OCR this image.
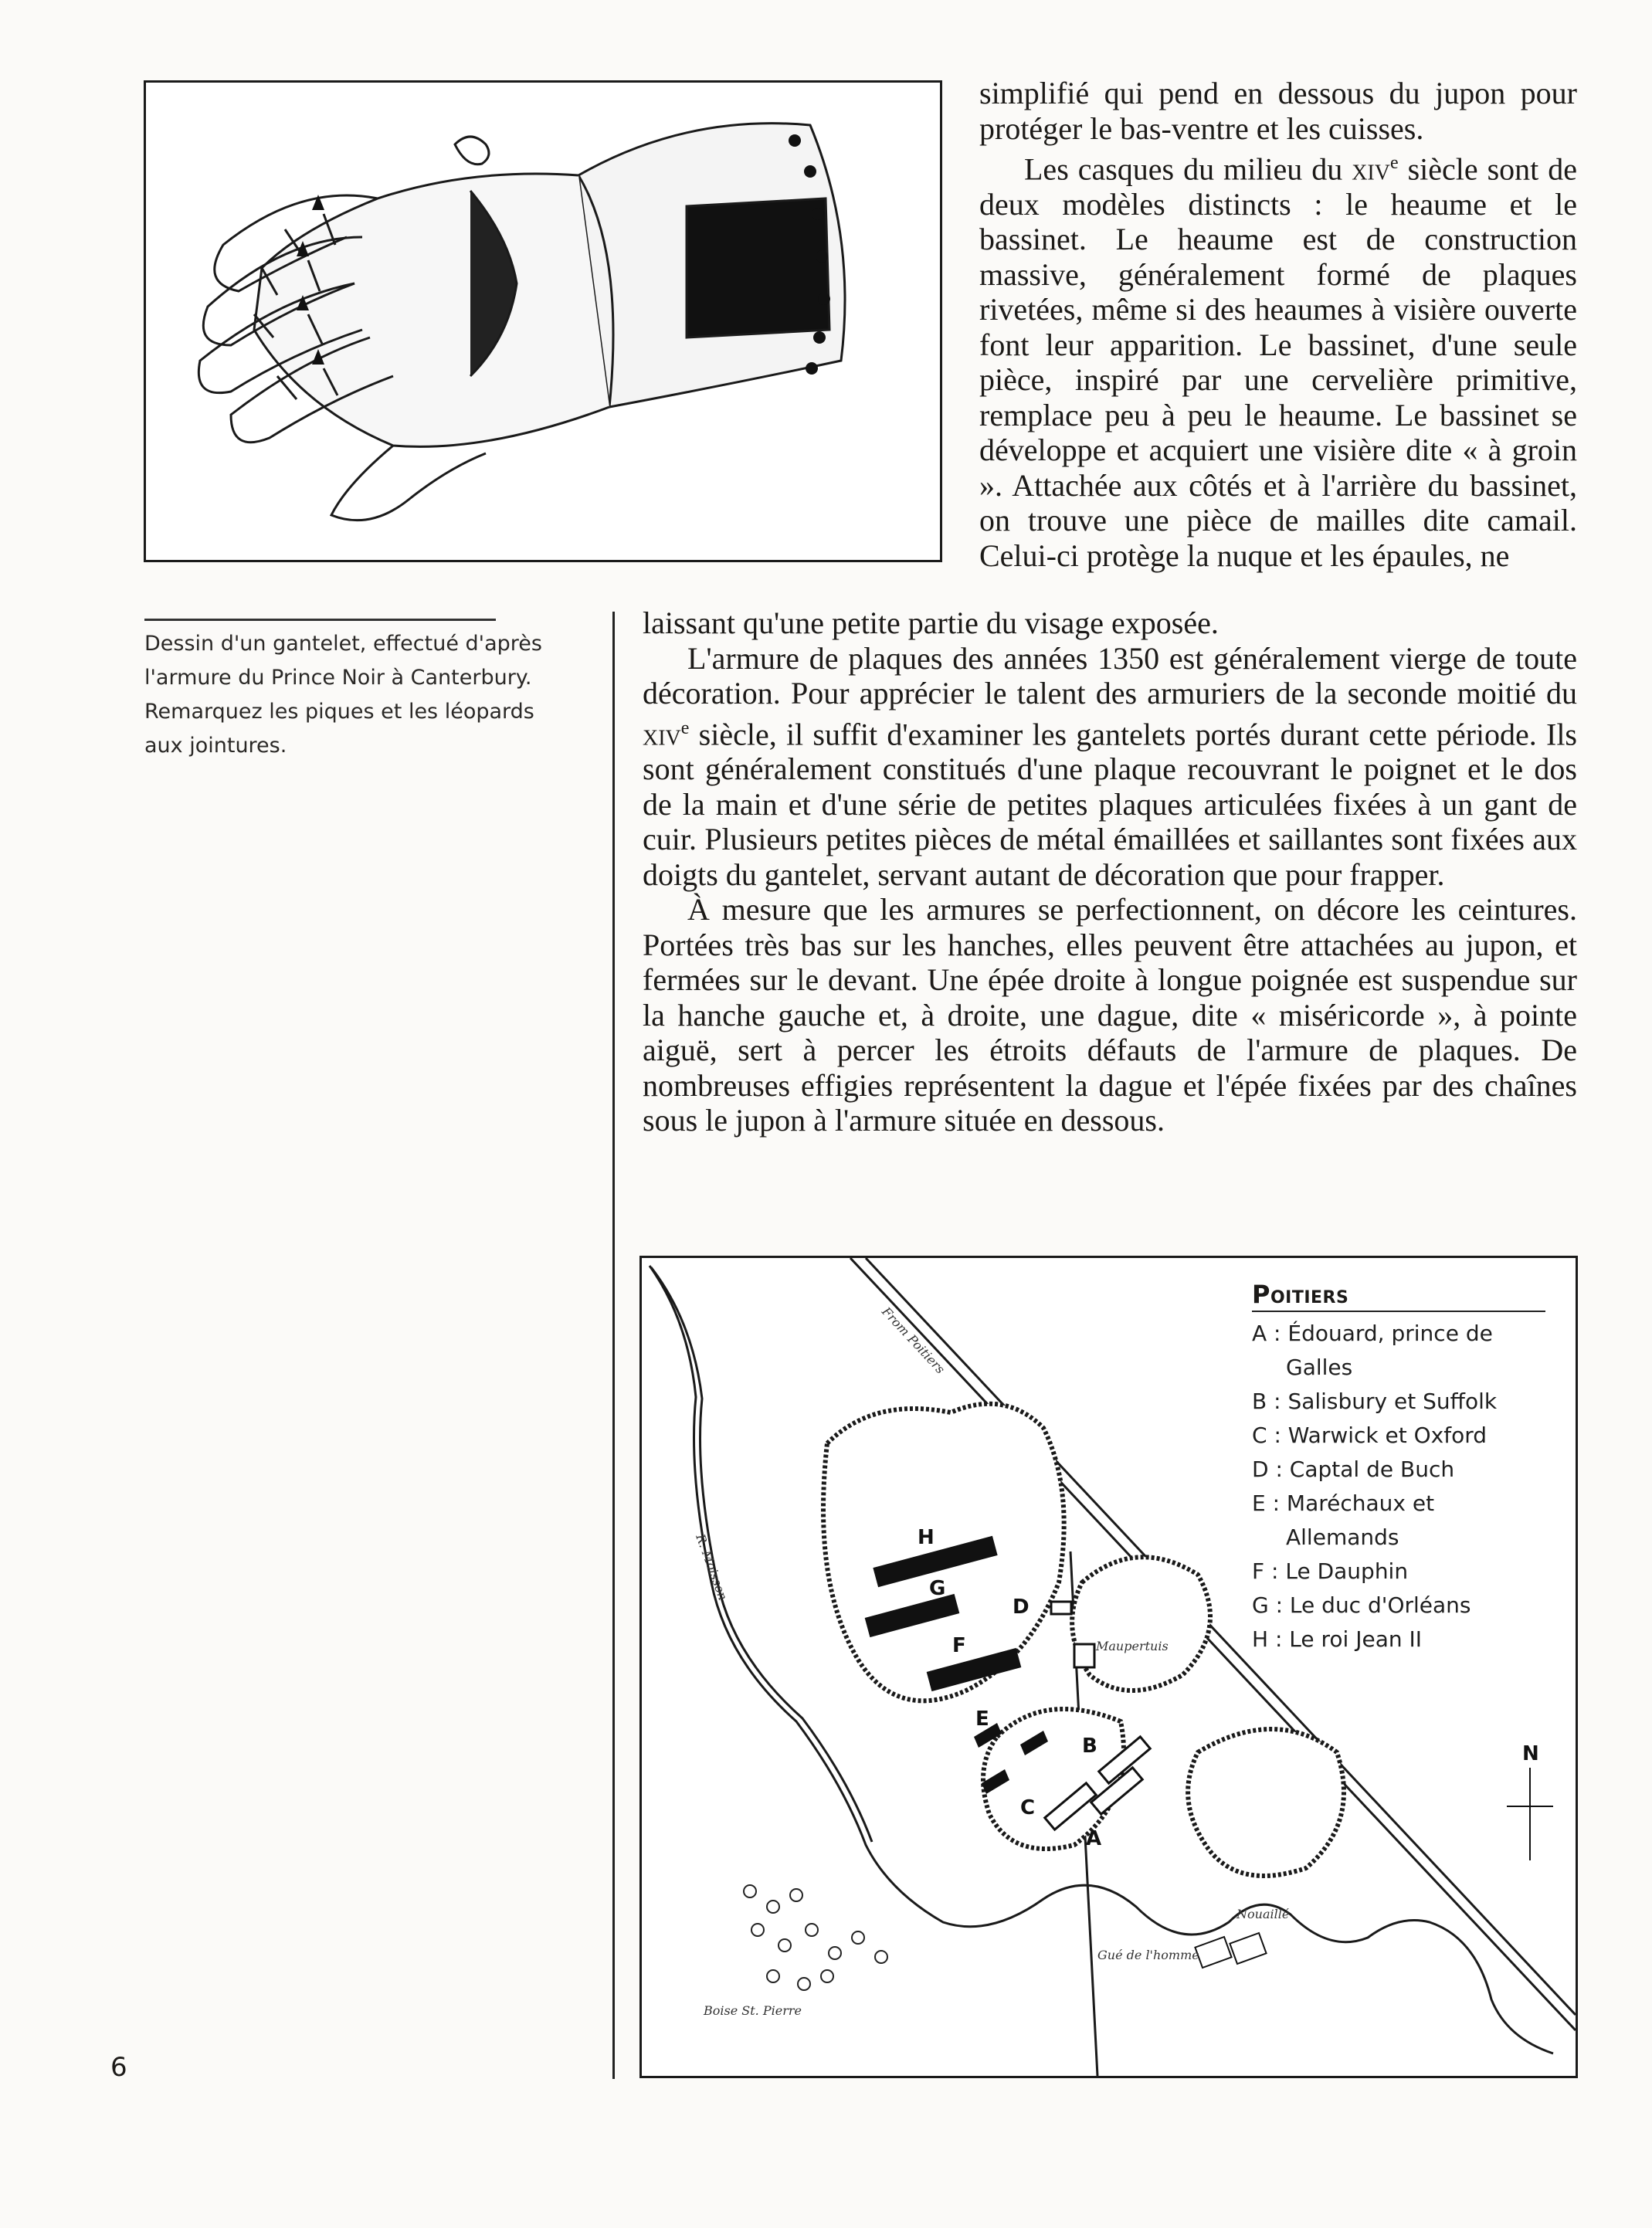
Dessin d'un gantelet, effectué d'après l'armure du Prince Noir à Canterbury. Remarquez les piques et les léopards aux jointures.

simplifié qui pend en dessous du jupon pour protéger le bas-ventre et les cuisses.

Les casques du milieu du xiv$^e$ siècle sont de deux modèles distincts : le heaume et le bassinet. Le heaume est de construction massive, généralement formé de plaques rivetées, même si des heaumes à visière ouverte font leur apparition. Le bassinet, d'une seule pièce, inspiré par une cervelière primitive, remplace peu à peu le heaume. Le bassinet se développe et acquiert une visière dite « à groin ». Attachée aux côtés et à l'arrière du bassinet, on trouve une pièce de mailles dite camail. Celui-ci protège la nuque et les épaules, ne

laissant qu'une petite partie du visage exposée.

L'armure de plaques des années 1350 est généralement vierge de toute décoration. Pour apprécier le talent des armuriers de la seconde moitié du xiv$^e$ siècle, il suffit d'examiner les gantelets portés durant cette période. Ils sont généralement constitués d'une plaque recouvrant le poignet et le dos de la main et d'une série de petites plaques articulées fixées à un gant de cuir. Plusieurs petites pièces de métal émaillées et saillantes sont fixées aux doigts du gantelet, servant autant de décoration que pour frapper.

À mesure que les armures se perfectionnent, on décore les ceintures. Portées très bas sur les hanches, elles peuvent être attachées au jupon, et fermées sur le devant. Une épée droite à longue poignée est suspendue sur la hanche gauche et, à droite, une dague, dite « miséricorde », à pointe aiguë, sert à percer les étroits défauts de l'armure de plaques. De nombreuses effigies représentent la dague et l'épée fixées par des chaînes sous le jupon à l'armure située en dessous.

From Poitiers
R. Moisson
Maupertuis
Nouaillé
Gué de l'homme
Boise St. Pierre
N
H
G
F
E
D
B
C
A
Poitiers
A : Édouard, prince de
Galles
B : Salisbury et Suffolk
C : Warwick et Oxford
D : Captal de Buch
E : Maréchaux et
Allemands
F : Le Dauphin
G : Le duc d'Orléans
H : Le roi Jean II
6
